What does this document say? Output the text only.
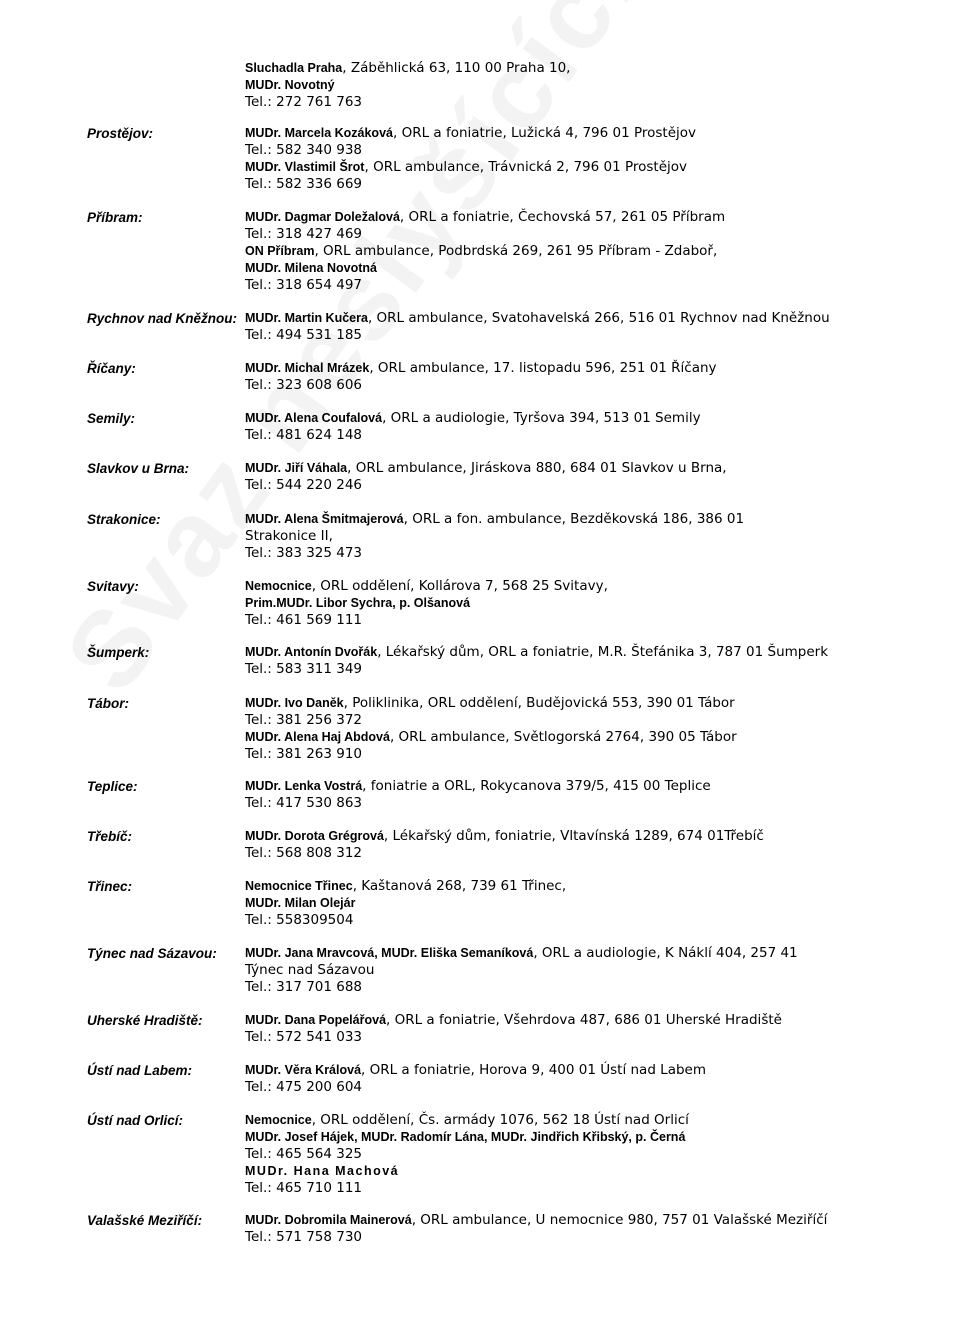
Sluchadla Praha, Záběhlická 63, 110 00 Praha 10,
MUDr. Novotný
Tel.: 272 761 763
Prostějov:	MUDr. Marcela Kozáková, ORL a foniatrie, Lužická 4, 796 01 Prostějov
Tel.: 582 340 938
MUDr. Vlastimil Šrot, ORL ambulance, Trávnická 2, 796 01 Prostějov
Tel.: 582 336 669
Příbram:	MUDr. Dagmar Doležalová, ORL a foniatrie, Čechovská 57, 261 05 Příbram
Tel.: 318 427 469
ON Příbram, ORL ambulance, Podbrdská 269, 261 95 Příbram - Zdaboř,
MUDr. Milena Novotná
Tel.: 318 654 497
Rychnov nad Kněžnou: MUDr. Martin Kučera, ORL ambulance, Svatohavelská 266, 516 01 Rychnov nad Kněžnou
Tel.: 494 531 185
Říčany:	MUDr. Michal Mrázek, ORL ambulance, 17. listopadu 596, 251 01 Říčany
Tel.: 323 608 606
Semily:	MUDr. Alena Coufalová, ORL a audiologie, Tyršova 394, 513 01 Semily
Tel.: 481 624 148
Slavkov u Brna:	MUDr. Jiří Váhala, ORL ambulance, Jiráskova 880, 684 01 Slavkov u Brna,
Tel.: 544 220 246
Strakonice:	MUDr. Alena Šmitmajerová, ORL a fon. ambulance, Bezděkovská 186, 386 01
Strakonice II,
Tel.: 383 325 473
Svitavy:	Nemocnice, ORL oddělení, Kollárova 7, 568 25 Svitavy,
Prim.MUDr. Libor Sychra, p. Olšanová
Tel.: 461 569 111
Šumperk:	MUDr. Antonín Dvořák, Lékařský dům, ORL a foniatrie, M.R. Štefánika 3, 787 01 Šumperk
Tel.: 583 311 349
Tábor:	MUDr. Ivo Daněk, Poliklinika, ORL oddělení, Budějovická 553, 390 01 Tábor
Tel.: 381 256 372
MUDr. Alena Haj Abdová, ORL ambulance, Světlogorská 2764, 390 05 Tábor
Tel.: 381 263 910
Teplice:	MUDr. Lenka Vostrá, foniatrie a ORL, Rokycanova 379/5, 415 00 Teplice
Tel.: 417 530 863
Třebíč:	MUDr. Dorota Grégrová, Lékařský dům, foniatrie, Vltavínská 1289, 674 01Třebíč
Tel.: 568 808 312
Třinec:	Nemocnice Třinec, Kaštanová 268, 739 61 Třinec,
MUDr. Milan Olejár
Tel.: 558309504
Týnec nad Sázavou: MUDr. Jana Mravcová, MUDr. Eliška Semaníková, ORL a audiologie, K Náklí 404, 257 41
Týnec nad Sázavou
Tel.: 317 701 688
Uherské Hradiště:	MUDr. Dana Popelářová, ORL a foniatrie, Všehrdova 487, 686 01 Uherské Hradiště
Tel.: 572 541 033
Ústí nad Labem:	MUDr. Věra Králová, ORL a foniatrie, Horova 9, 400 01 Ústí nad Labem
Tel.: 475 200 604
Ústí nad Orlicí:	Nemocnice, ORL oddělení, Čs. armády 1076, 562 18 Ústí nad Orlicí
MUDr. Josef Hájek, MUDr. Radomír Lána, MUDr. Jindřich Křibský, p. Černá
Tel.: 465 564 325
MUDr. Hana Machová
Tel.: 465 710 111
Valašské Meziříčí:	MUDr. Dobromila Mainerová, ORL ambulance, U nemocnice 980, 757 01 Valašské Meziříčí
Tel.: 571 758 730
